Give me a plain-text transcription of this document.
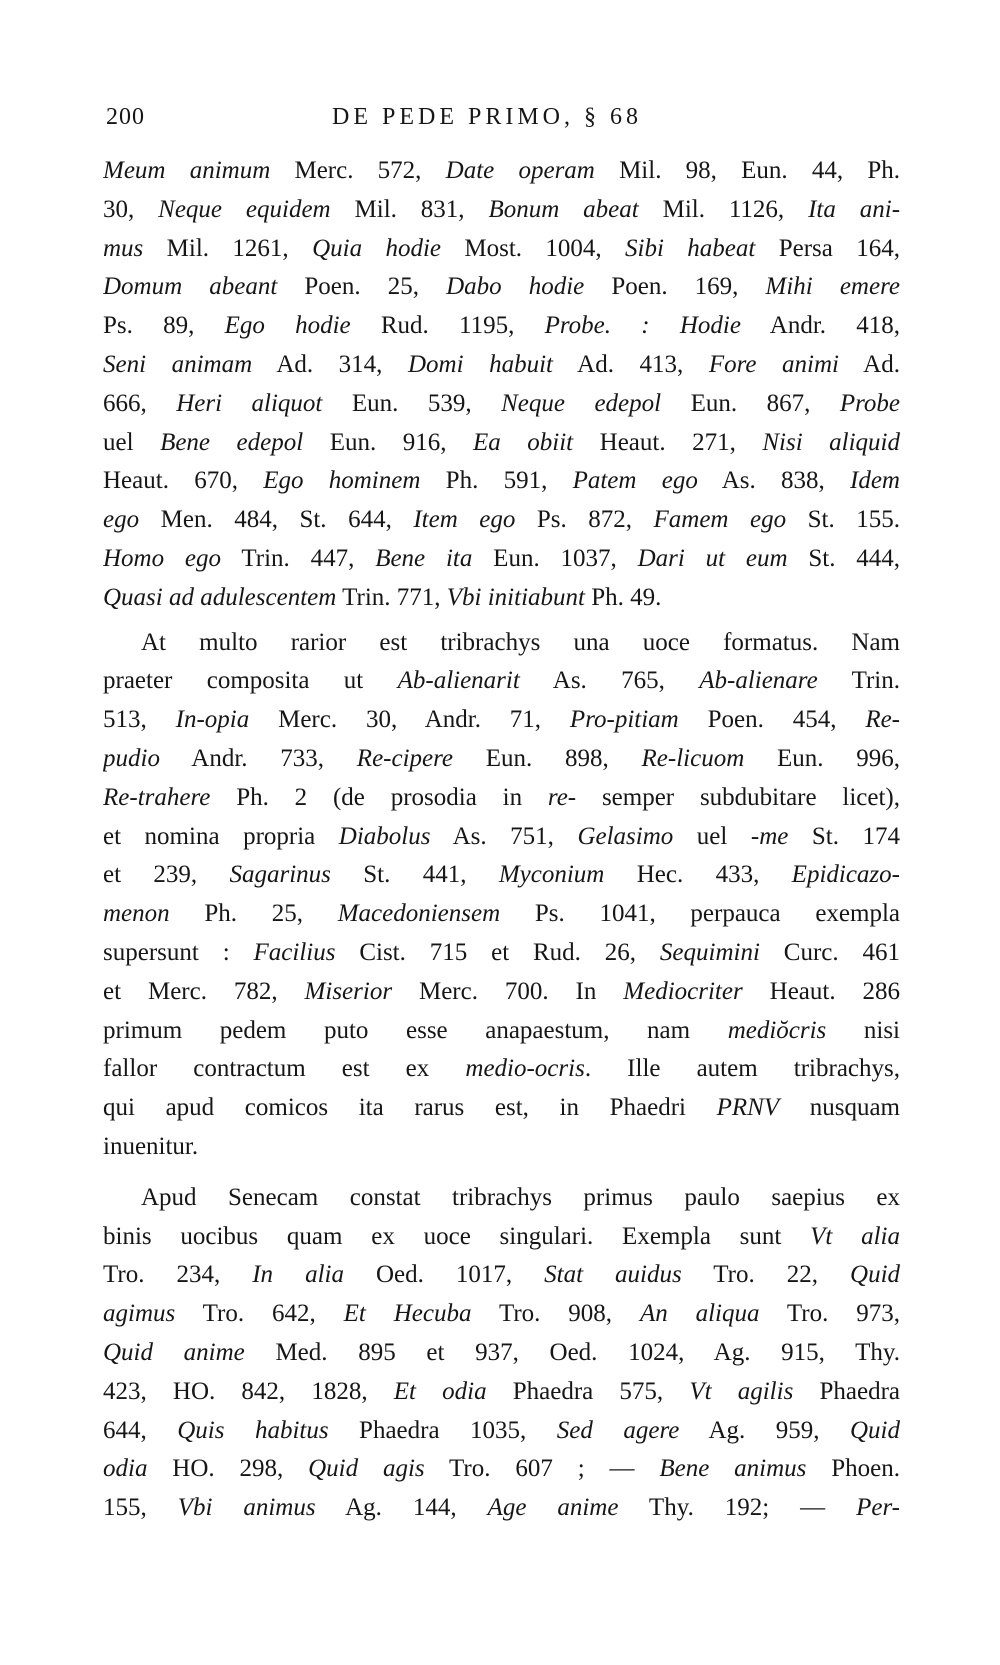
200	DE PEDE PRIMO, § 68
Meum animum Merc. 572, Date operam Mil. 98, Eun. 44, Ph.
30, Neque equidem Mil. 831, Bonum abeat Mil. 1126, Ita ani-
mus Mil. 1261, Quia hodie Most. 1004, Sibi habeat Persa 164,
Domum abeant Poen. 25, Dabo hodie Poen. 169, Mihi emere
Ps. 89, Ego hodie Rud. 1195, Probe. : Hodie Andr. 418,
Seni animam Ad. 314, Domi habuit Ad. 413, Fore animi Ad.
666, Heri aliquot Eun. 539, Neque edepol Eun. 867, Probe
uel Bene edepol Eun. 916, Ea obiit Heaut. 271, Nisi aliquid
Heaut. 670, Ego hominem Ph. 591, Patem ego As. 838, Idem
ego Men. 484, St. 644, Item ego Ps. 872, Famem ego St. 155.
Homo ego Trin. 447, Bene ita Eun. 1037, Dari ut eum St. 444,
Quasi ad adulescentem Trin. 771, Vbi initiabunt Ph. 49.
At multo rarior est tribrachys una uoce formatus. Nam
praeter composita ut Ab-alienarit As. 765, Ab-alienare Trin.
513, In-opia Merc. 30, Andr. 71, Pro-pitiam Poen. 454, Re-
pudio Andr. 733, Re-cipere Eun. 898, Re-licuom Eun. 996,
Re-trahere Ph. 2 (de prosodia in re- semper subdubitare licet),
et nomina propria Diabolus As. 751, Gelasimo uel -me St. 174
et 239, Sagarinus St. 441, Myconium Hec. 433, Epidicazo-
menon Ph. 25, Macedoniensem Ps. 1041, perpauca exempla
supersunt : Facilius Cist. 715 et Rud. 26, Sequimini Curc. 461
et Merc. 782, Miserior Merc. 700. In Mediocriter Heaut. 286
primum pedem puto esse anapaestum, nam mediŏcris nisi
fallor contractum est ex medio-ocris. Ille autem tribrachys,
qui apud comicos ita rarus est, in Phaedri PRNV nusquam
inuenitur.
Apud Senecam constat tribrachys primus paulo saepius ex
binis uocibus quam ex uoce singulari. Exempla sunt Vt alia
Tro. 234, In alia Oed. 1017, Stat auidus Tro. 22, Quid
agimus Tro. 642, Et Hecuba Tro. 908, An aliqua Tro. 973,
Quid anime Med. 895 et 937, Oed. 1024, Ag. 915, Thy.
423, HO. 842, 1828, Et odia Phaedra 575, Vt agilis Phaedra
644, Quis habitus Phaedra 1035, Sed agere Ag. 959, Quid
odia HO. 298, Quid agis Tro. 607 ; — Bene animus Phoen.
155, Vbi animus Ag. 144, Age anime Thy. 192; — Per-
